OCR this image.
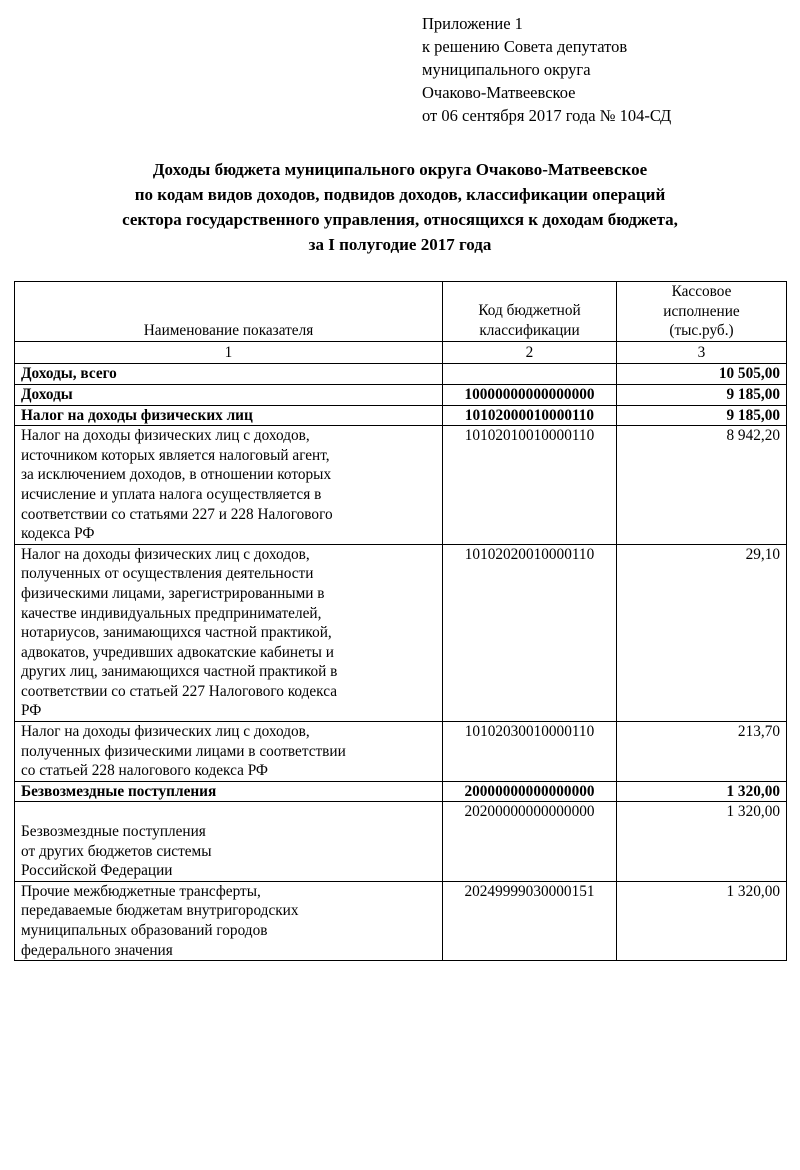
Приложение 1
к решению Совета депутатов
муниципального округа
Очаково-Матвеевское
от 06 сентября 2017 года № 104-СД
Доходы бюджета муниципального округа Очаково-Матвеевское
по кодам видов доходов, подвидов доходов, классификации операций
сектора государственного управления, относящихся к доходам бюджета,
за I полугодие 2017 года
Наименование показателя

Код бюджетной
классификации

Кассовое
исполнение
(тыс.руб.)

1	2	3

Доходы, всего		10 505,00

Доходы	10000000000000000	9 185,00

Налог на доходы физических лиц	10102000010000110	9 185,00

Налог на доходы физических лиц с доходов,

источником которых является налоговый агент,

за исключением доходов, в отношении которых

исчисление и уплата налога осуществляется в

соответствии со статьями 227 и 228 Налогового

кодекса РФ

	10102010010000110	8 942,20

Налог на доходы физических лиц с доходов,

полученных от осуществления деятельности

физическими лицами, зарегистрированными в

качестве индивидуальных предпринимателей,

нотариусов, занимающихся частной практикой,

адвокатов, учредивших адвокатские кабинеты и

других лиц, занимающихся частной практикой в

соответствии со статьей 227 Налогового кодекса

РФ

	10102020010000110	29,10

Налог на доходы физических лиц с доходов,

полученных физическими лицами в соответствии

со статьей 228 налогового кодекса РФ	10102030010000110	213,70

Безвозмездные поступления	20000000000000000	1 320,00

Безвозмездные поступления

от других бюджетов системы

Российской Федерации	20200000000000000	1 320,00

Прочие межбюджетные трансферты,

передаваемые бюджетам внутригородских

муниципальных образований городов

федерального значения	20249999030000151	1 320,00
